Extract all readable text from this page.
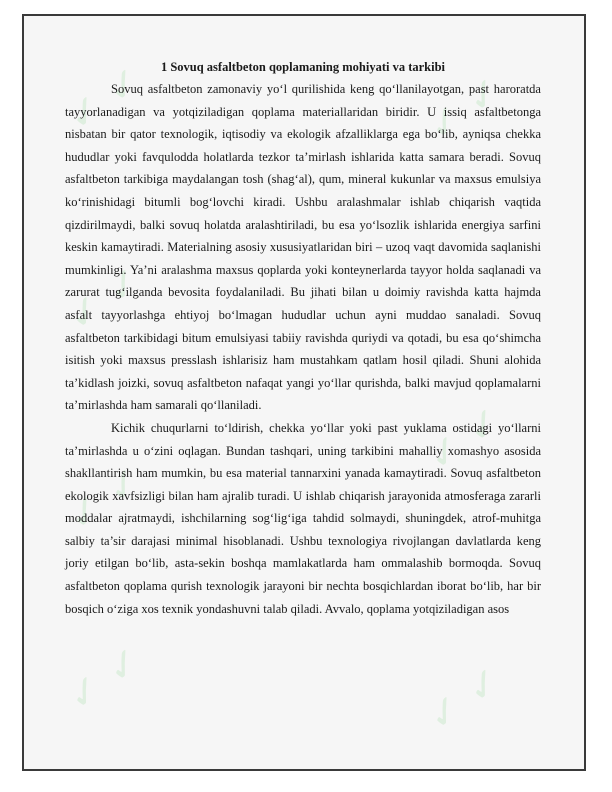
✓ ✓
✓ ✓
✓ ✓
✓ ✓
✓ ✓
✓ ✓
✓ ✓
1 Sovuq asfaltbeton qoplamaning mohiyati va tarkibi

Sovuq asfaltbeton zamonaviy yo‘l qurilishida keng qo‘llanilayotgan, past haroratda tayyorlanadigan va yotqiziladigan qoplama materiallaridan biridir. U issiq asfaltbetonga nisbatan bir qator texnologik, iqtisodiy va ekologik afzalliklarga ega bo‘lib, ayniqsa chekka hududlar yoki favqulodda holatlarda tezkor ta’mirlash ishlarida katta samara beradi. Sovuq asfaltbeton tarkibiga maydalangan tosh (shag‘al), qum, mineral kukunlar va maxsus emulsiya ko‘rinishidagi bitumli bog‘lovchi kiradi. Ushbu aralashmalar ishlab chiqarish vaqtida qizdirilmaydi, balki sovuq holatda aralashtiriladi, bu esa yo‘lsozlik ishlarida energiya sarfini keskin kamaytiradi. Materialning asosiy xususiyatlaridan biri – uzoq vaqt davomida saqlanishi mumkinligi. Ya’ni aralashma maxsus qoplarda yoki konteynerlarda tayyor holda saqlanadi va zarurat tug‘ilganda bevosita foydalaniladi. Bu jihati bilan u doimiy ravishda katta hajmda asfalt tayyorlashga ehtiyoj bo‘lmagan hududlar uchun ayni muddao sanaladi. Sovuq asfaltbeton tarkibidagi bitum emulsiyasi tabiiy ravishda quriydi va qotadi, bu esa qo‘shimcha isitish yoki maxsus presslash ishlarisiz ham mustahkam qatlam hosil qiladi. Shuni alohida ta’kidlash joizki, sovuq asfaltbeton nafaqat yangi yo‘llar qurishda, balki mavjud qoplamalarni ta’mirlashda ham samarali qo‘llaniladi.

Kichik chuqurlarni to‘ldirish, chekka yo‘llar yoki past yuklama ostidagi yo‘llarni ta’mirlashda u o‘zini oqlagan. Bundan tashqari, uning tarkibini mahalliy xomashyo asosida shakllantirish ham mumkin, bu esa material tannarxini yanada kamaytiradi. Sovuq asfaltbeton ekologik xavfsizligi bilan ham ajralib turadi. U ishlab chiqarish jarayonida atmosferaga zararli moddalar ajratmaydi, ishchilarning sog‘lig‘iga tahdid solmaydi, shuningdek, atrof-muhitga salbiy ta’sir darajasi minimal hisoblanadi. Ushbu texnologiya rivojlangan davlatlarda keng joriy etilgan bo‘lib, asta-sekin boshqa mamlakatlarda ham ommalashib bormoqda. Sovuq asfaltbeton qoplama qurish texnologik jarayoni bir nechta bosqichlardan iborat bo‘lib, har bir bosqich o‘ziga xos texnik yondashuvni talab qiladi. Avvalo, qoplama yotqiziladigan asos
